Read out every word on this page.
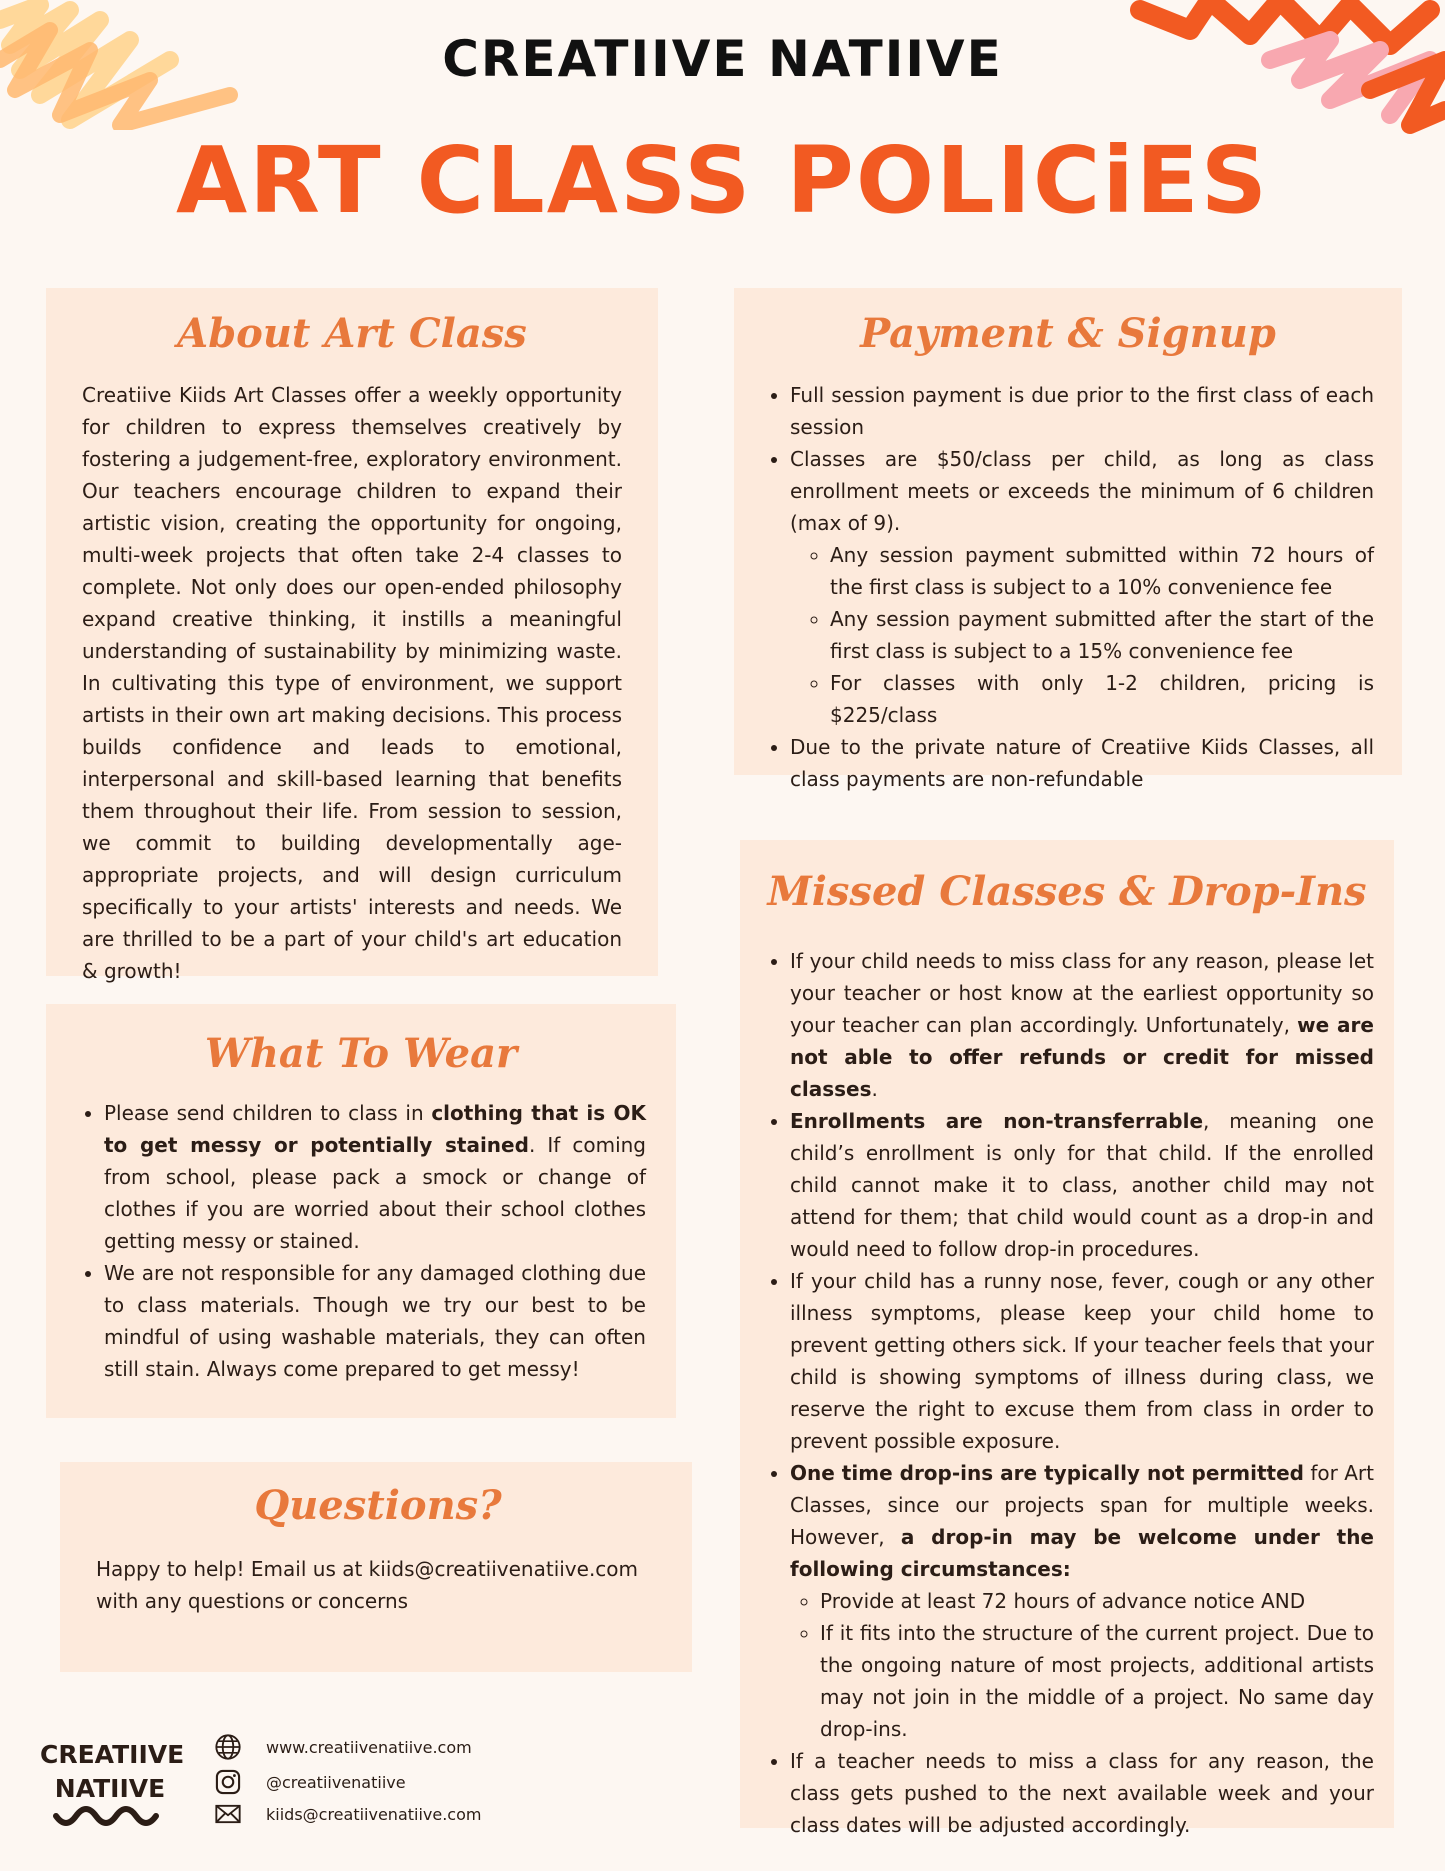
CREATIIVE NATIIVE
ART CLASS POLICiES
About Art Class

Creatiive Kiids Art Classes offer a weekly opportunity for children to express themselves creatively by fostering a judgement-free, exploratory environment. Our teachers encourage children to expand their artistic vision, creating the opportunity for ongoing, multi-week projects that often take 2-4 classes to complete. Not only does our open-ended philosophy expand creative thinking, it instills a meaningful understanding of sustainability by minimizing waste. In cultivating this type of environment, we support artists in their own art making decisions. This process builds confidence and leads to emotional, interpersonal and skill-based learning that benefits them throughout their life. From session to session, we commit to building developmentally age-appropriate projects, and will design curriculum specifically to your artists' interests and needs. We are thrilled to be a part of your child's art education & growth!

Payment & Signup
• Full session payment is due prior to the first class of each session
• Classes are $50/class per child, as long as class enrollment meets or exceeds the minimum of 6 children (max of 9).
◦ Any session payment submitted within 72 hours of the first class is subject to a 10% convenience fee
◦ Any session payment submitted after the start of the first class is subject to a 15% convenience fee
◦ For classes with only 1-2 children, pricing is $225/class
• Due to the private nature of Creatiive Kiids Classes, all class payments are non-refundable
What To Wear
• Please send children to class in clothing that is OK to get messy or potentially stained. If coming from school, please pack a smock or change of clothes if you are worried about their school clothes getting messy or stained.
• We are not responsible for any damaged clothing due to class materials. Though we try our best to be mindful of using washable materials, they can often still stain. Always come prepared to get messy!
Questions?

Happy to help! Email us at kiids@creatiivenatiive.com with any questions or concerns

Missed Classes & Drop-Ins
• If your child needs to miss class for any reason, please let your teacher or host know at the earliest opportunity so your teacher can plan accordingly. Unfortunately, we are not able to offer refunds or credit for missed classes.
• Enrollments are non-transferrable, meaning one child’s enrollment is only for that child. If the enrolled child cannot make it to class, another child may not attend for them; that child would count as a drop-in and would need to follow drop-in procedures.
• If your child has a runny nose, fever, cough or any other illness symptoms, please keep your child home to prevent getting others sick. If your teacher feels that your child is showing symptoms of illness during class, we reserve the right to excuse them from class in order to prevent possible exposure.
• One time drop-ins are typically not permitted for Art Classes, since our projects span for multiple weeks. However, a drop-in may be welcome under the following circumstances:
◦ Provide at least 72 hours of advance notice AND
◦ If it fits into the structure of the current project. Due to the ongoing nature of most projects, additional artists may not join in the middle of a project. No same day drop-ins.
• If a teacher needs to miss a class for any reason, the class gets pushed to the next available week and your class dates will be adjusted accordingly.
CREATIIVE
NATIIVE
www.creatiivenatiive.com
@creatiivenatiive
kiids@creatiivenatiive.com
